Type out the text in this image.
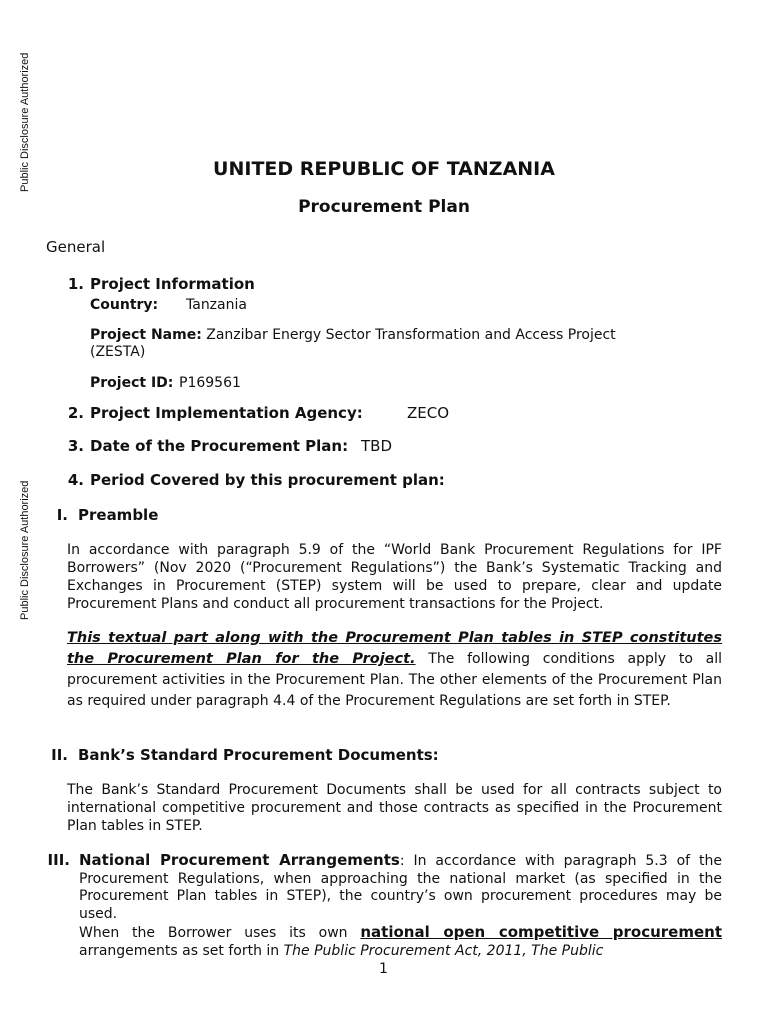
Public Disclosure Authorized
Public Disclosure Authorized
UNITED REPUBLIC OF TANZANIA
Procurement Plan
General
1. Project Information
Country: Tanzania
Project Name: Zanzibar Energy Sector Transformation and Access Project
(ZESTA)
Project ID: P169561
2. Project Implementation Agency:	ZECO
3. Date of the Procurement Plan: TBD
4. Period Covered by this procurement plan:
I. Preamble
In accordance with paragraph 5.9 of the “World Bank Procurement Regulations for IPF Borrowers” (Nov 2020 (“Procurement Regulations”) the Bank’s Systematic Tracking and Exchanges in Procurement (STEP) system will be used to prepare, clear and update Procurement Plans and conduct all procurement transactions for the Project.
This textual part along with the Procurement Plan tables in STEP constitutes the Procurement Plan for the Project. The following conditions apply to all procurement activities in the Procurement Plan. The other elements of the Procurement Plan as required under paragraph 4.4 of the Procurement Regulations are set forth in STEP.
II. Bank’s Standard Procurement Documents:
The Bank’s Standard Procurement Documents shall be used for all contracts subject to international competitive procurement and those contracts as specified in the Procurement Plan tables in STEP.
III. National Procurement Arrangements: In accordance with paragraph 5.3 of the Procurement Regulations, when approaching the national market (as specified in the Procurement Plan tables in STEP), the country’s own procurement procedures may be used.
When the Borrower uses its own national open competitive procurement arrangements as set forth in The Public Procurement Act, 2011, The Public
1
